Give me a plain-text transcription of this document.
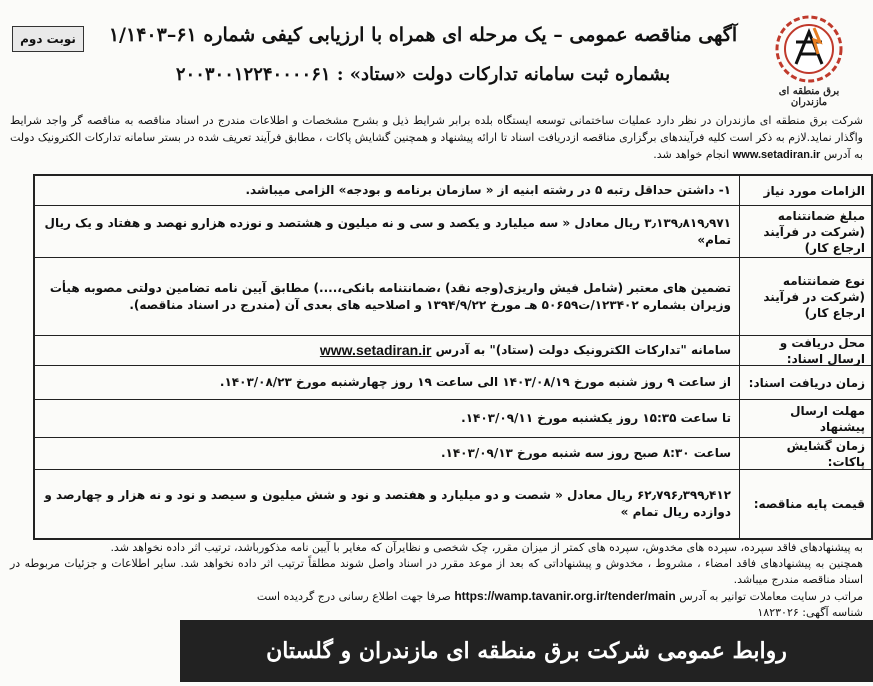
نوبت دوم	آگهی مناقصه عمومی – یک مرحله ای همراه با ارزیابی کیفی شماره ۶۱–۱/۱۴۰۳
بشماره ثبت سامانه تدارکات دولت «ستاد» : ۲۰۰۳۰۰۱۲۲۴۰۰۰۰۶۱
برق منطقه ای مازندران
شرکت برق منطقه ای مازندران در نظر دارد عملیات ساختمانی توسعه ایستگاه بلده برابر شرایط ذیل و بشرح مشخصات و اطلاعات مندرج در اسناد مناقصه به مناقصه گر واجد شرایط واگذار نماید.لازم به ذکر است کلیه فرآیندهای برگزاری مناقصه ازدریافت اسناد تا ارائه پیشنهاد و همچنین گشایش پاکات ، مطابق فرآیند تعریف شده در بستر سامانه تدارکات الکترونیک دولت به آدرس www.setadiran.ir انجام خواهد شد.
الزامات مورد نیاز
۱- داشتن حداقل رتبه ۵ در رشته ابنیه از « سازمان برنامه و بودجه» الزامی میباشد.
مبلغ ضمانتنامه (شرکت در فرآیند ارجاع کار)
۳٫۱۳۹٫۸۱۹٫۹۷۱ ریال معادل « سه میلیارد و یکصد و سی و نه میلیون و هشتصد و نوزده هزارو نهصد و هفتاد و یک ریال تمام»
نوع ضمانتنامه (شرکت در فرآیند ارجاع کار)
تضمین های معتبر (شامل فیش واریزی(وجه نقد) ،ضمانتنامه بانکی،....) مطابق آیین نامه تضامین دولتی مصوبه هیأت وزیران بشماره ۱۲۳۴۰۲/ت۵۰۶۵۹ هـ مورخ ۱۳۹۴/۹/۲۲ و اصلاحیه های بعدی آن (مندرج در اسناد مناقصه).
محل دریافت و ارسال اسناد:
سامانه "تدارکات الکترونیک دولت (ستاد)" به آدرس

www.setadiran.ir
زمان دریافت اسناد:
از ساعت ۹ روز شنبه مورخ ۱۴۰۳/۰۸/۱۹ الی ساعت ۱۹ روز چهارشنبه مورخ ۱۴۰۳/۰۸/۲۳.
مهلت ارسال پیشنهاد
تا ساعت ۱۵:۳۵ روز یکشنبه مورخ ۱۴۰۳/۰۹/۱۱.
زمان گشایش پاکات:
ساعت ۸:۳۰ صبح روز سه شنبه مورخ ۱۴۰۳/۰۹/۱۳.
قیمت پایه مناقصه:
۶۲٫۷۹۶٫۳۹۹٫۴۱۲ ریال معادل « شصت و دو میلیارد و هفتصد و نود و شش میلیون و سیصد و نود و نه هزار و چهارصد و دوازده ریال تمام »
به پیشنهادهای فاقد سپرده، سپرده های مخدوش، سپرده های کمتر از میزان مقرر، چک شخصی و نظایرآن که مغایر با آیین نامه مذکورباشد، ترتیب اثر داده نخواهد شد.
همچنین به پیشنهادهای فاقد امضاء ، مشروط ، مخدوش و پیشنهاداتی که بعد از موعد مقرر در اسناد واصل شوند مطلقاً ترتیب اثر داده نخواهد شد. سایر اطلاعات و جزئیات مربوطه در اسناد مناقصه مندرج میباشد.
مراتب در سایت معاملات توانیر به آدرس https://wamp.tavanir.org.ir/tender/main صرفا جهت اطلاع رسانی درج گردیده است
شناسه آگهی: ۱۸۲۳۰۲۶
روابط عمومی شرکت برق منطقه ای مازندران و گلستان
